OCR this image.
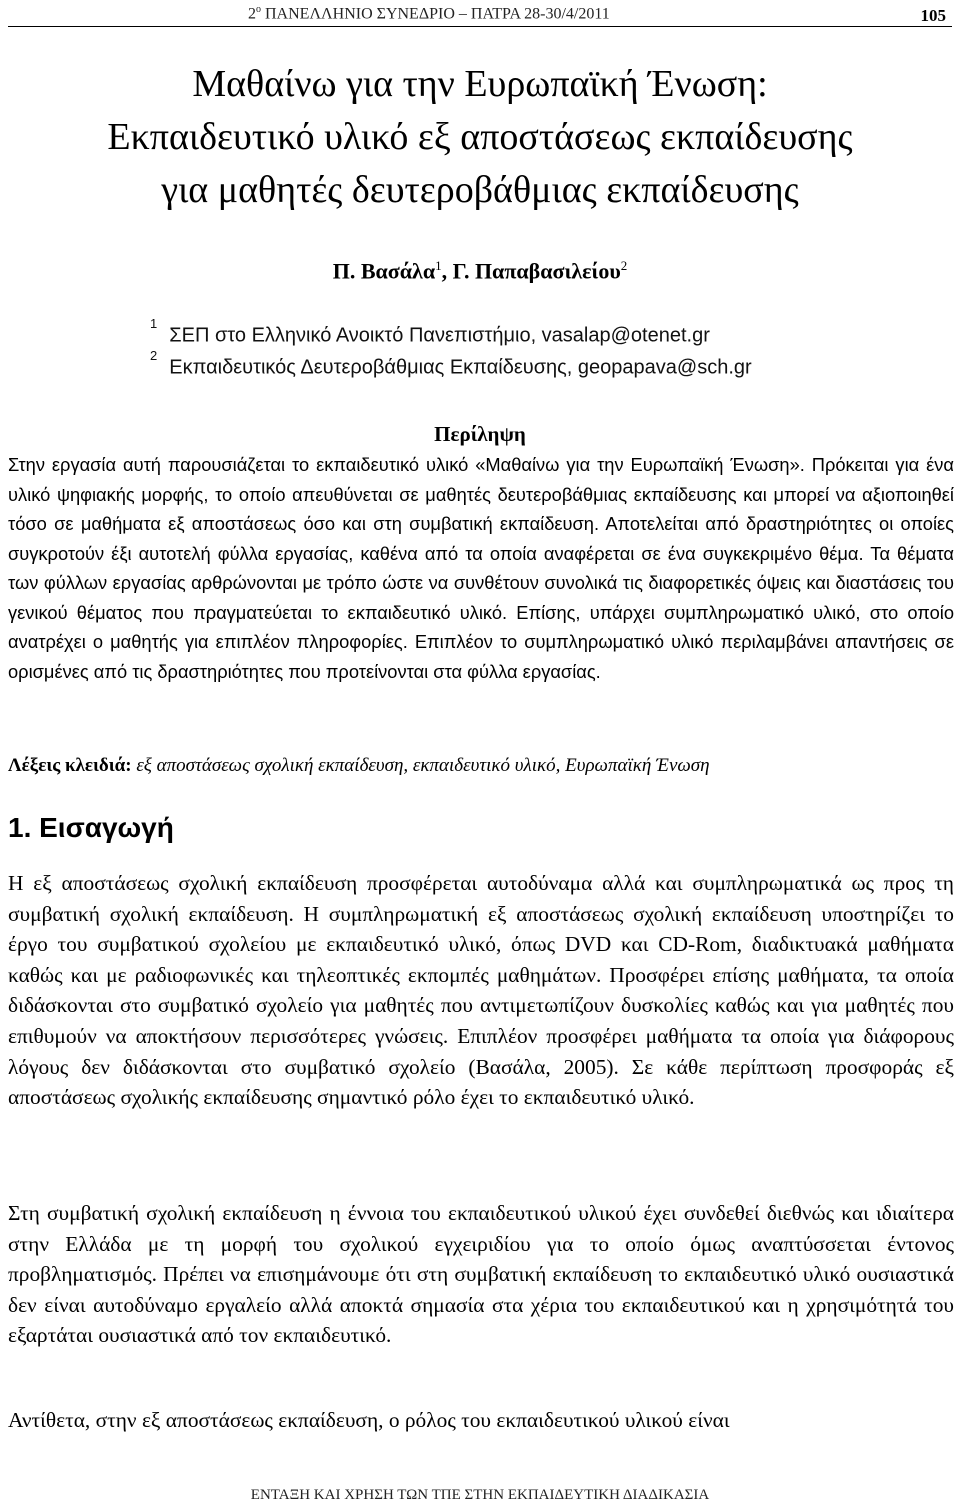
$2^o$ ΠΑΝΕΛΛΗΝΙΟ ΣΥΝΕΔΡΙΟ – ΠΑΤΡΑ 28-30/4/2011	105
Μαθαίνω για την Ευρωπαϊκή Ένωση:
Εκπαιδευτικό υλικό εξ αποστάσεως εκπαίδευσης
για μαθητές δευτεροβάθμιας εκπαίδευσης
Π. Βασάλα$^1$, Γ. Παπαβασιλείου$^2$
$^1$ΣΕΠ στο Ελληνικό Ανοικτό Πανεπιστήμιο, vasalap@otenet.gr
$^2$Εκπαιδευτικός Δευτεροβάθμιας Εκπαίδευσης, geopapava@sch.gr
Περίληψη

Στην εργασία αυτή παρουσιάζεται το εκπαιδευτικό υλικό «Μαθαίνω για την Ευρωπαϊκή Ένωση». Πρόκειται για ένα υλικό ψηφιακής μορφής, το οποίο απευθύνεται σε μαθητές δευτεροβάθμιας εκπαίδευσης και μπορεί να αξιοποιηθεί τόσο σε μαθήματα εξ αποστάσεως όσο και στη συμβατική εκπαίδευση. Αποτελείται από δραστηριότητες οι οποίες συγκροτούν έξι αυτοτελή φύλλα εργασίας, καθένα από τα οποία αναφέρεται σε ένα συγκεκριμένο θέμα. Τα θέματα των φύλλων εργασίας αρθρώνονται με τρόπο ώστε να συνθέτουν συνολικά τις διαφορετικές όψεις και διαστάσεις του γενικού θέματος που πραγματεύεται το εκπαιδευτικό υλικό. Επίσης, υπάρχει συμπληρωματικό υλικό, στο οποίο ανατρέχει ο μαθητής για επιπλέον πληροφορίες. Επιπλέον το συμπληρωματικό υλικό περιλαμβάνει απαντήσεις σε ορισμένες από τις δραστηριότητες που προτείνονται στα φύλλα εργασίας.

Λέξεις κλειδιά: εξ αποστάσεως σχολική εκπαίδευση, εκπαιδευτικό υλικό, Ευρωπαϊκή Ένωση

1. Εισαγωγή

Η εξ αποστάσεως σχολική εκπαίδευση προσφέρεται αυτοδύναμα αλλά και συμπληρωματικά ως προς τη συμβατική σχολική εκπαίδευση. Η συμπληρωματική εξ αποστάσεως σχολική εκπαίδευση υποστηρίζει το έργο του συμβατικού σχολείου με εκπαιδευτικό υλικό, όπως DVD και CD-Rom, διαδικτυακά μαθήματα καθώς και με ραδιοφωνικές και τηλεοπτικές εκπομπές μαθημάτων. Προσφέρει επίσης μαθήματα, τα οποία διδάσκονται στο συμβατικό σχολείο για μαθητές που αντιμετωπίζουν δυσκολίες καθώς και για μαθητές που επιθυμούν να αποκτήσουν περισσότερες γνώσεις. Επιπλέον προσφέρει μαθήματα τα οποία για διάφορους λόγους δεν διδάσκονται στο συμβατικό σχολείο (Βασάλα, 2005). Σε κάθε περίπτωση προσφοράς εξ αποστάσεως σχολικής εκπαίδευσης σημαντικό ρόλο έχει το εκπαιδευτικό υλικό.

Στη συμβατική σχολική εκπαίδευση η έννοια του εκπαιδευτικού υλικού έχει συνδεθεί διεθνώς και ιδιαίτερα στην Ελλάδα με τη μορφή του σχολικού εγχειριδίου για το οποίο όμως αναπτύσσεται έντονος προβληματισμός. Πρέπει να επισημάνουμε ότι στη συμβατική εκπαίδευση το εκπαιδευτικό υλικό ουσιαστικά δεν είναι αυτοδύναμο εργαλείο αλλά αποκτά σημασία στα χέρια του εκπαιδευτικού και η χρησιμότητά του εξαρτάται ουσιαστικά από τον εκπαιδευτικό.

Αντίθετα, στην εξ αποστάσεως εκπαίδευση, ο ρόλος του εκπαιδευτικού υλικού είναι

ΕΝΤΑΞΗ ΚΑΙ ΧΡΗΣΗ ΤΩΝ ΤΠΕ ΣΤΗΝ ΕΚΠΑΙΔΕΥΤΙΚΗ ΔΙΑΔΙΚΑΣΙΑ
